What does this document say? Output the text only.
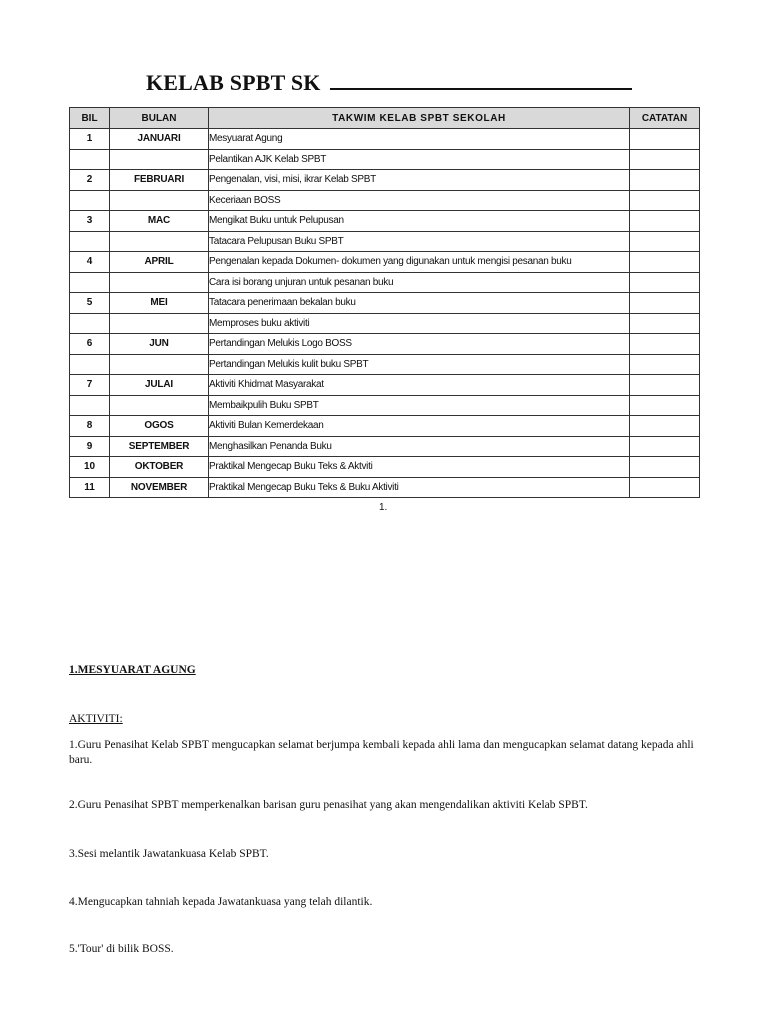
KELAB SPBT SK
BIL	BULAN	TAKWIM KELAB SPBT SEKOLAH	CATATAN
1	JANUARI	Mesyuarat Agung	
		Pelantikan AJK Kelab SPBT	
2	FEBRUARI	Pengenalan, visi, misi, ikrar Kelab SPBT	
		Keceriaan BOSS	
3	MAC	Mengikat Buku untuk Pelupusan	
		Tatacara Pelupusan Buku SPBT	
4	APRIL	Pengenalan kepada Dokumen- dokumen yang digunakan untuk mengisi pesanan buku	
		Cara isi borang unjuran untuk pesanan buku	
5	MEI	Tatacara penerimaan bekalan buku	
		Memproses buku aktiviti	
6	JUN	Pertandingan Melukis Logo BOSS	
		Pertandingan Melukis kulit buku SPBT	
7	JULAI	Aktiviti Khidmat Masyarakat	
		Membaikpulih Buku SPBT	
8	OGOS	Aktiviti Bulan Kemerdekaan	
9	SEPTEMBER	Menghasilkan Penanda Buku	
10	OKTOBER	Praktikal Mengecap Buku Teks & Aktviti	
11	NOVEMBER	Praktikal Mengecap Buku Teks & Buku Aktiviti	
1.
1.MESYUARAT AGUNG
AKTIVITI:
1.Guru Penasihat Kelab SPBT mengucapkan selamat berjumpa kembali kepada ahli lama dan mengucapkan selamat datang kepada ahli baru.
2.Guru Penasihat SPBT memperkenalkan barisan guru penasihat yang akan mengendalikan aktiviti Kelab SPBT.
3.Sesi melantik Jawatankuasa Kelab SPBT.
4.Mengucapkan tahniah kepada Jawatankuasa yang telah dilantik.
5.'Tour' di bilik BOSS.
